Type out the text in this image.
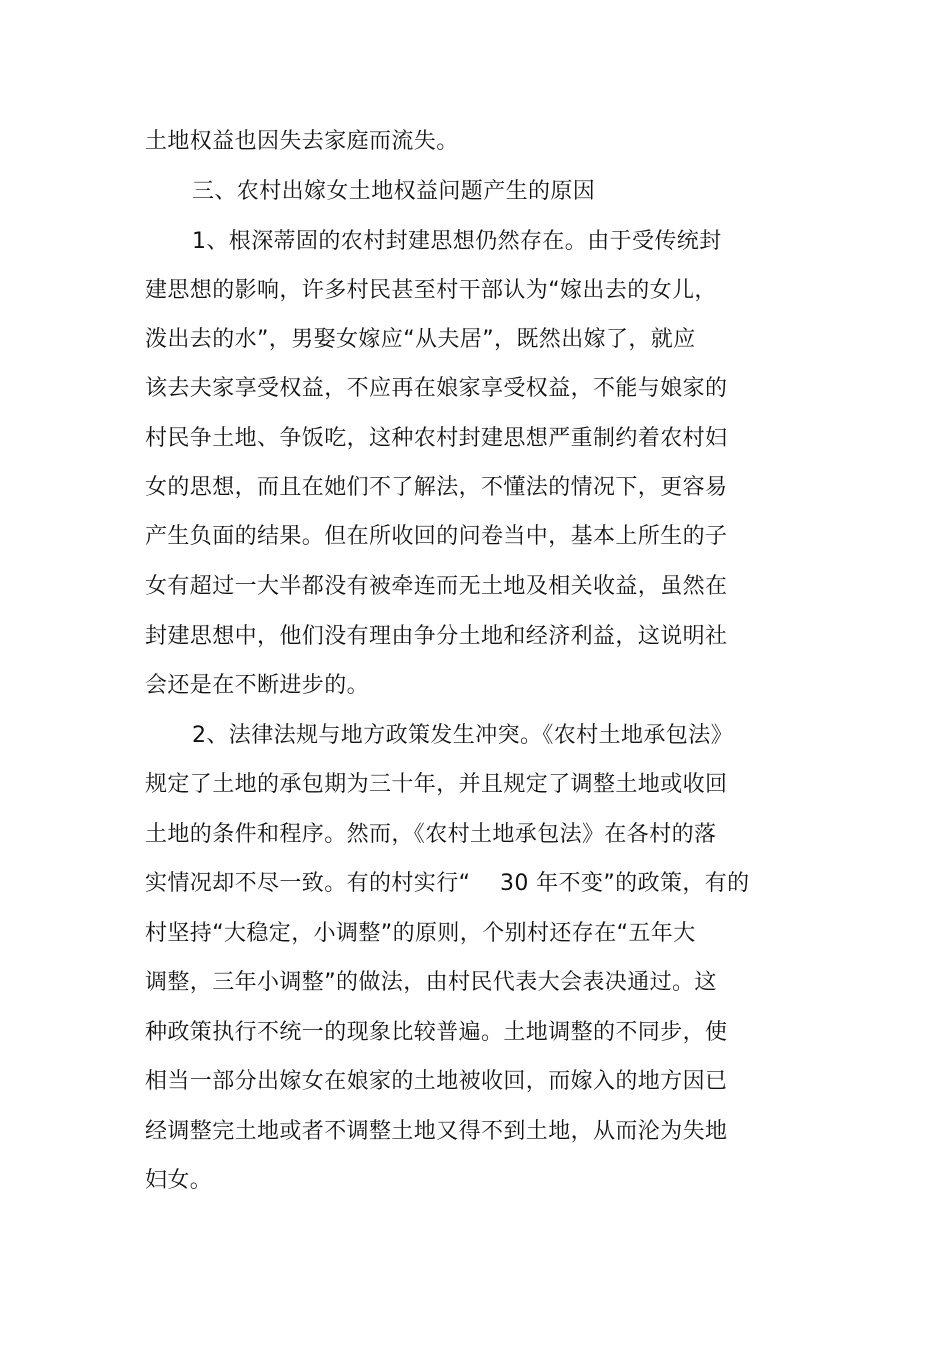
土地权益也因失去家庭而流失。
三、农村出嫁女土地权益问题产生的原因
1、根深蒂固的农村封建思想仍然存在。由于受传统封
建思想的影响，许多村民甚至村干部认为“嫁出去的女儿，
泼出去的水”，男娶女嫁应“从夫居”，既然出嫁了，就应
该去夫家享受权益，不应再在娘家享受权益，不能与娘家的
村民争土地、争饭吃，这种农村封建思想严重制约着农村妇
女的思想，而且在她们不了解法，不懂法的情况下，更容易
产生负面的结果。但在所收回的问卷当中，基本上所生的子
女有超过一大半都没有被牵连而无土地及相关收益，虽然在
封建思想中，他们没有理由争分土地和经济利益，这说明社
会还是在不断进步的。
2、法律法规与地方政策发生冲突。《农村土地承包法》
规定了土地的承包期为三十年，并且规定了调整土地或收回
土地的条件和程序。然而，《农村土地承包法》在各村的落
实情况却不尽一致。有的村实行“    30 年不变”的政策，有的
村坚持“大稳定，小调整”的原则，个别村还存在“五年大
调整，三年小调整”的做法，由村民代表大会表决通过。这
种政策执行不统一的现象比较普遍。土地调整的不同步，使
相当一部分出嫁女在娘家的土地被收回，而嫁入的地方因已
经调整完土地或者不调整土地又得不到土地，从而沦为失地
妇女。
